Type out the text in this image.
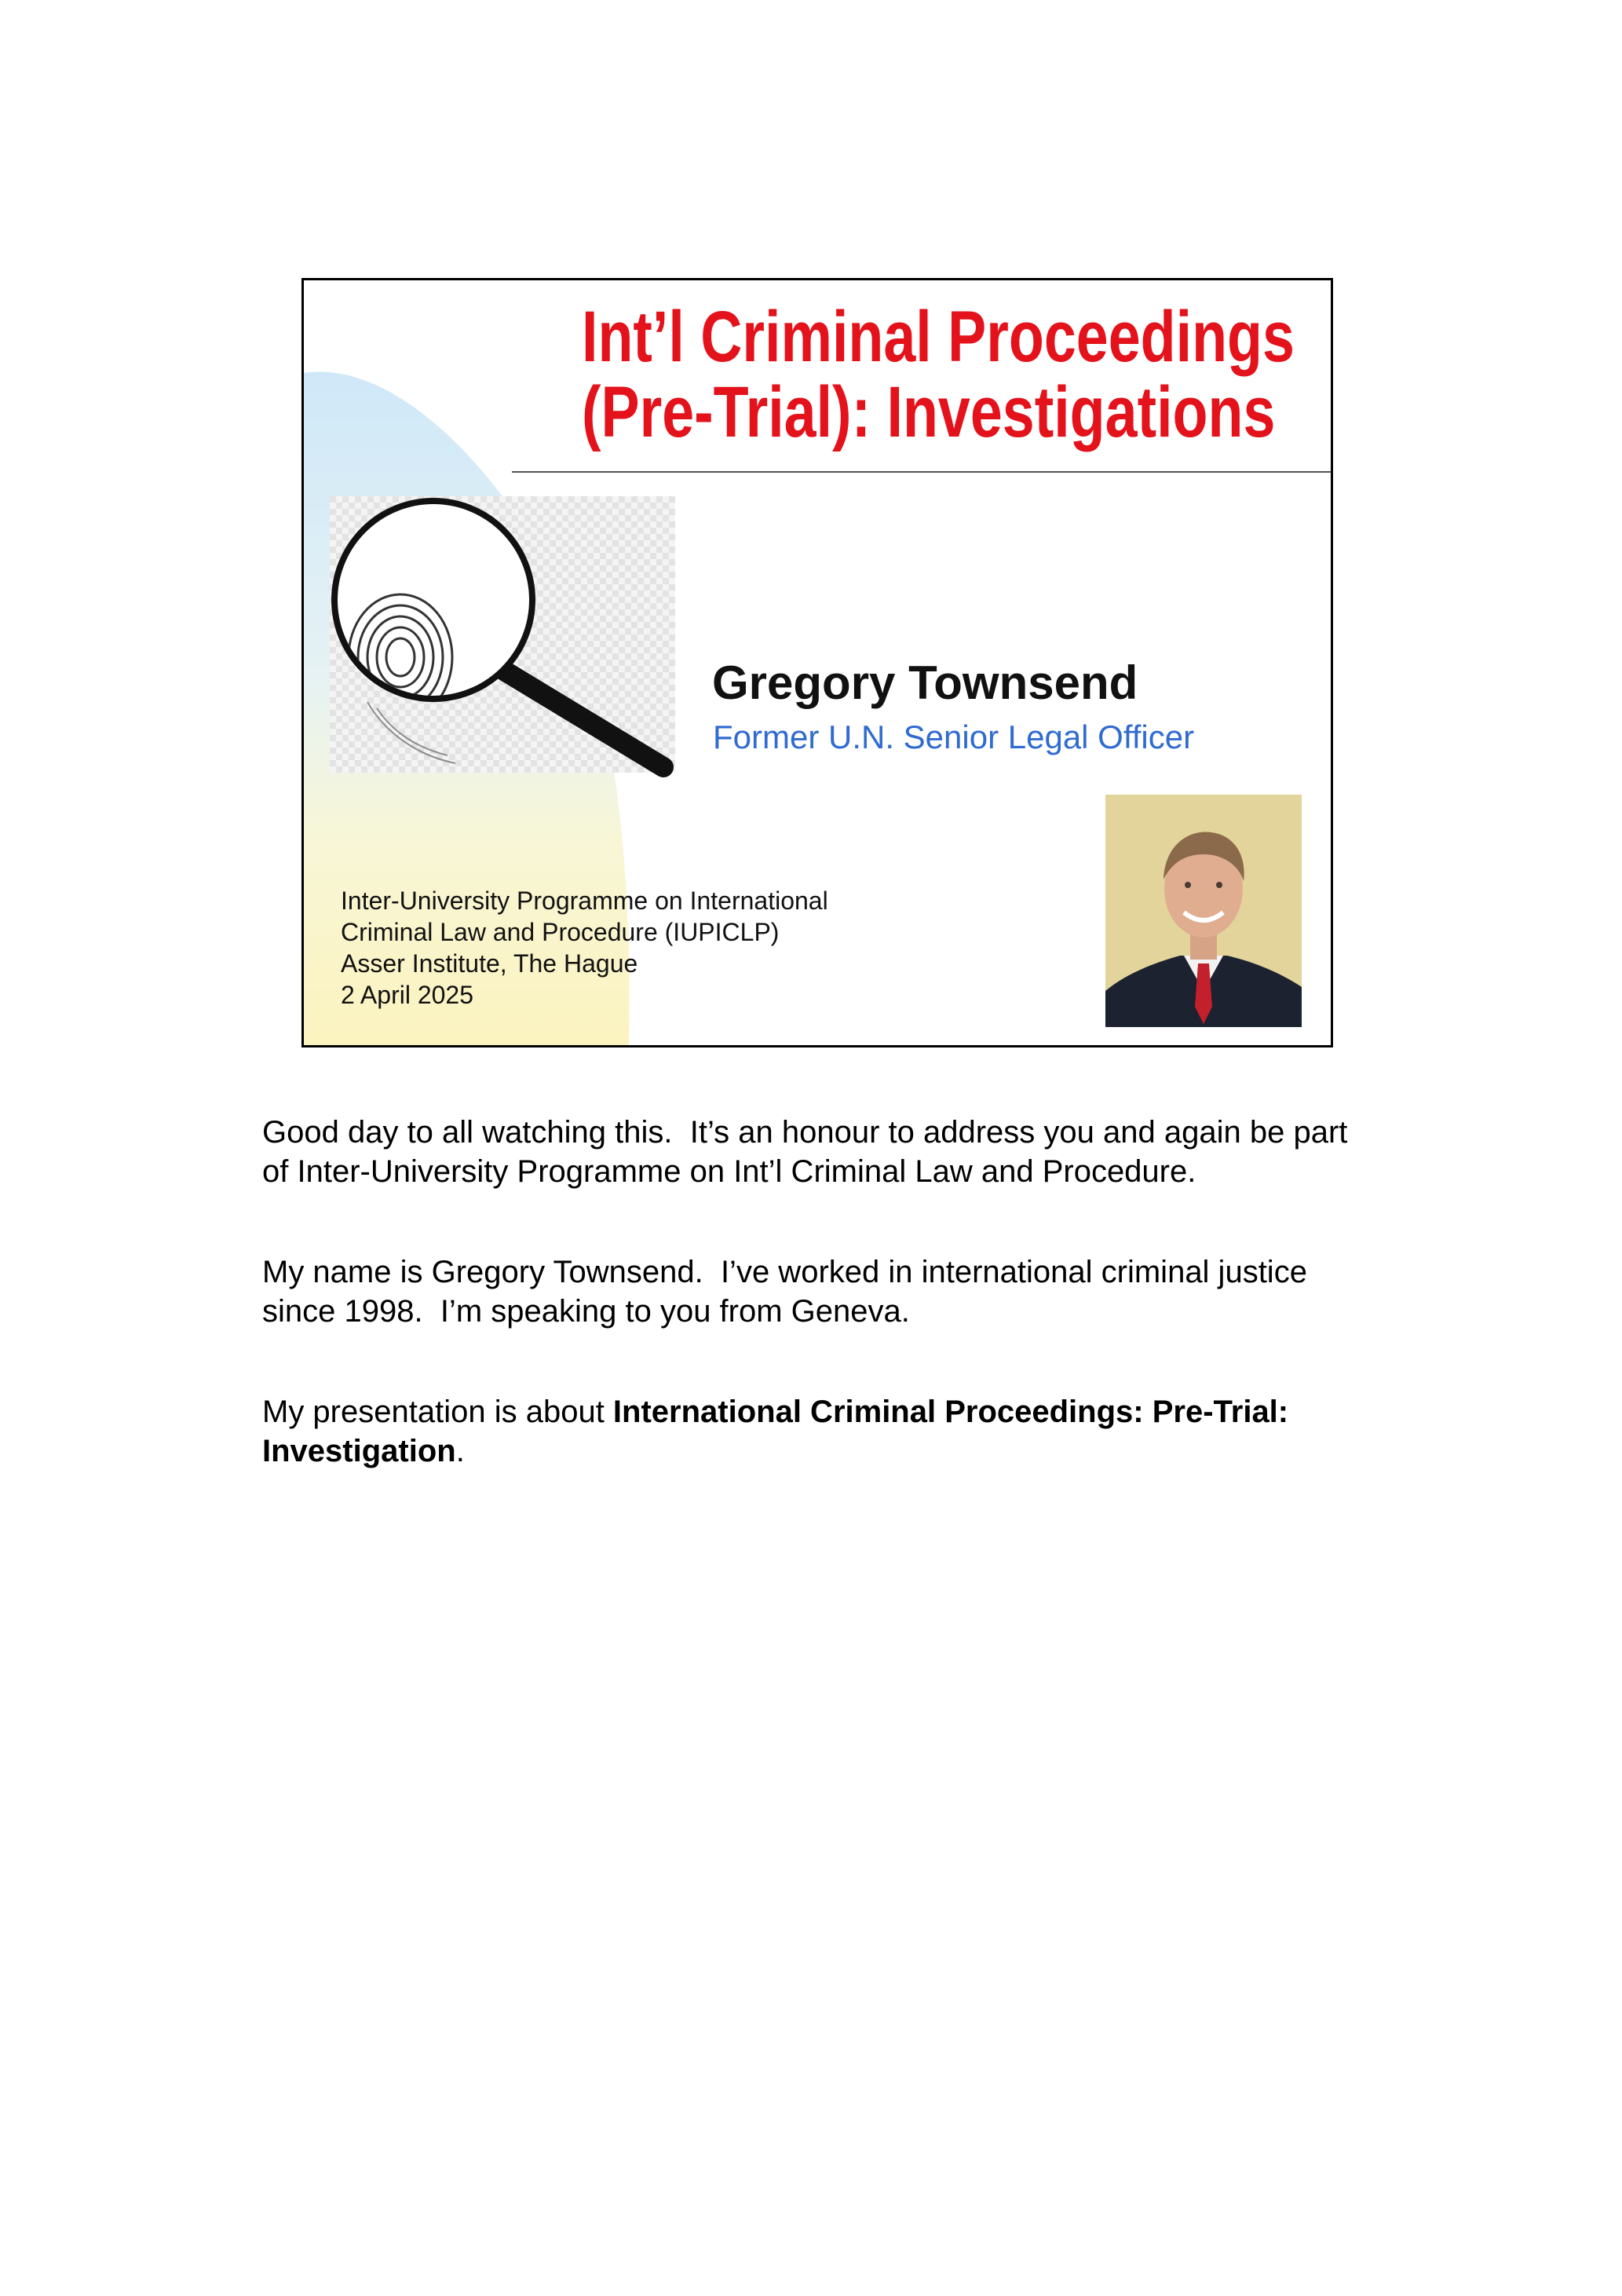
Int’l Criminal Proceedings
(Pre-Trial): Investigations
Gregory Townsend
Former U.N. Senior Legal Officer
Inter-University Programme on International
Criminal Law and Procedure (IUPICLP)
Asser Institute, The Hague
2 April 2025
Good day to all watching this.  It’s an honour to address you and again be part of Inter-University Programme on Int’l Criminal Law and Procedure.
My name is Gregory Townsend.  I’ve worked in international criminal justice since 1998.  I’m speaking to you from Geneva.
My presentation is about International Criminal Proceedings: Pre-Trial: Investigation.
